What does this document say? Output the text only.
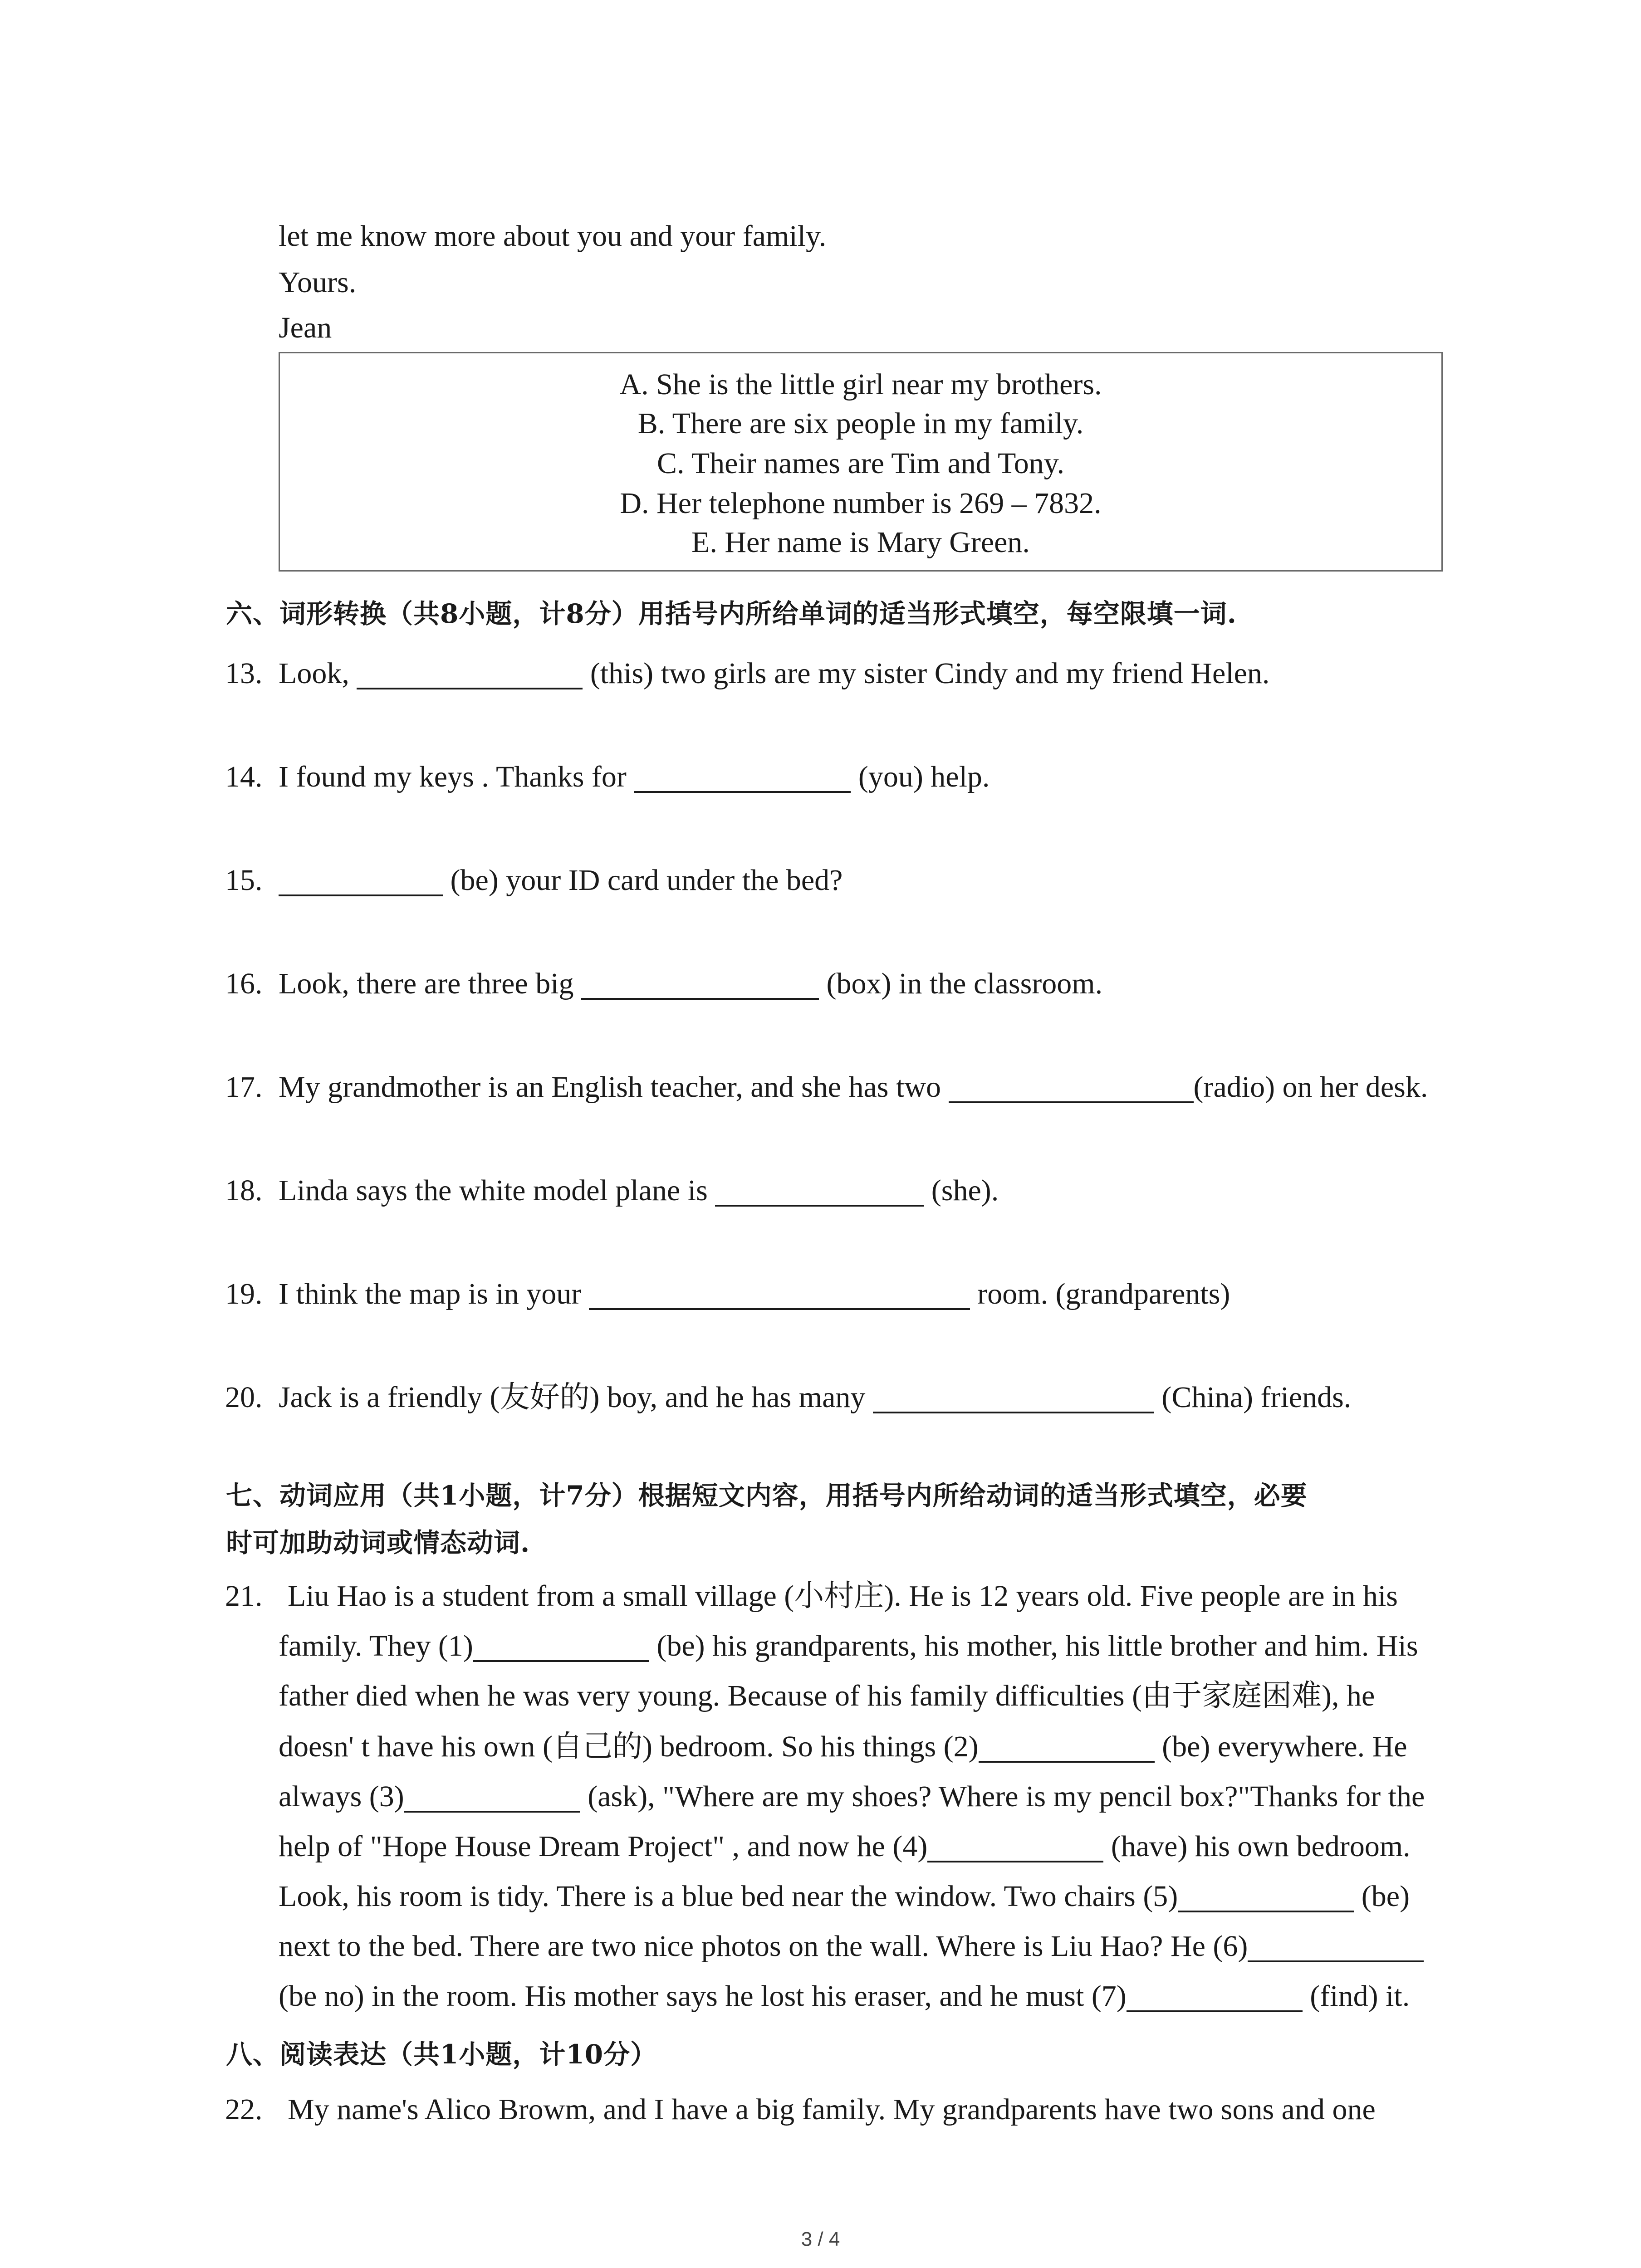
let me know more about you and your family.
Yours.
Jean
A. She is the little girl near my brothers.
B. There are six people in my family.
C. Their names are Tim and Tony.
D. Her telephone number is 269 – 7832.
E. Her name is Mary Green.
六、词形转换（共8小题，计8分）用括号内所给单词的适当形式填空，每空限填一词.
13. Look,	(this) two girls are my sister Cindy and my friend Helen.
14. I found my keys . Thanks for	(you) help.
15.	(be) your ID card under the bed?
16. Look, there are three big	(box) in the classroom.
17. My grandmother is an English teacher, and she has two	(radio) on her desk.
18. Linda says the white model plane is	(she).
19. I think the map is in your	room. (grandparents)
20. Jack is a friendly (友好的) boy, and he has many	(China) friends.
七、动词应用（共1小题，计7分）根据短文内容，用括号内所给动词的适当形式填空，必要
时可加助动词或情态动词.
21. Liu Hao is a student from a small village (小村庄). He is 12 years old. Five people are in his
family. They (1)	(be) his grandparents, his mother, his little brother and him. His
father died when he was very young. Because of his family difficulties (由于家庭困难), he
doesn' t have his own (自己的) bedroom. So his things (2)	(be) everywhere. He
always (3)	(ask), "Where are my shoes? Where is my pencil box?"Thanks for the
help of "Hope House Dream Project" , and now he (4)	(have) his own bedroom.
Look, his room is tidy. There is a blue bed near the window. Two chairs (5)	(be)
next to the bed. There are two nice photos on the wall. Where is Liu Hao? He (6)
(be no) in the room. His mother says he lost his eraser, and he must (7)	(find) it.
八、阅读表达（共1小题，计10分）
22. My name's Alico Browm, and I have a big family. My grandparents have two sons and one
3 / 4
